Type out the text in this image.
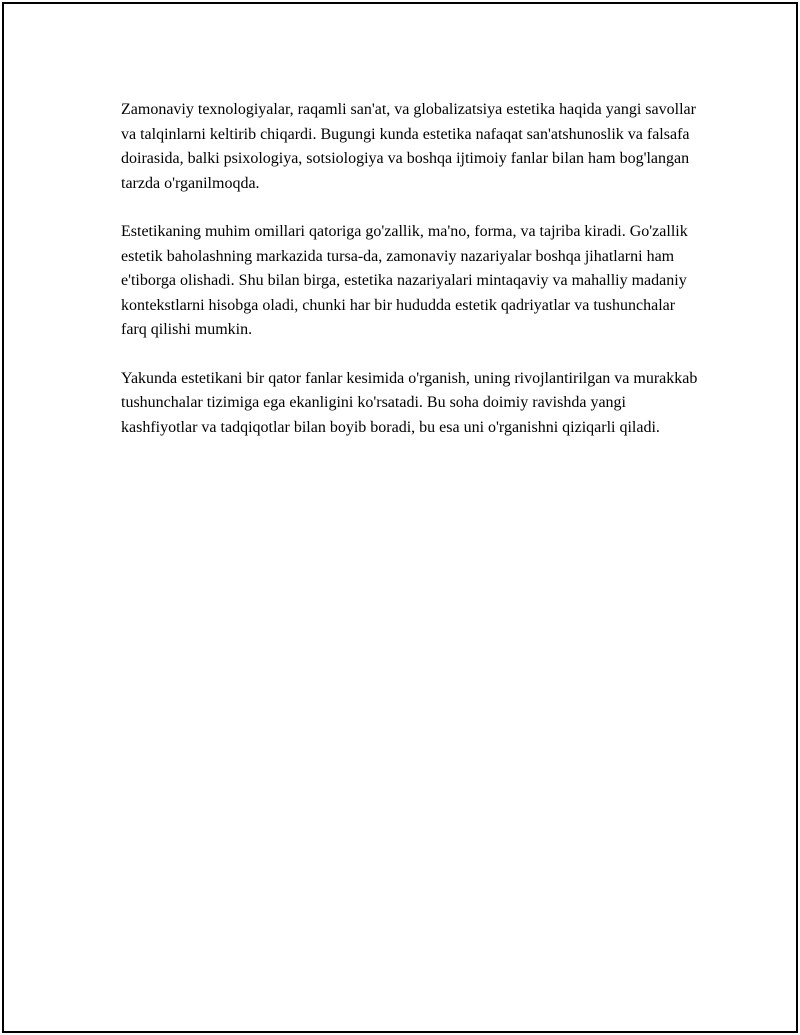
Zamonaviy texnologiyalar, raqamli san'at, va globalizatsiya estetika haqida yangi savollar va talqinlarni keltirib chiqardi. Bugungi kunda estetika nafaqat san'atshunoslik va falsafa doirasida, balki psixologiya, sotsiologiya va boshqa ijtimoiy fanlar bilan ham bog'langan tarzda o'rganilmoqda.

Estetikaning muhim omillari qatoriga go'zallik, ma'no, forma, va tajriba kiradi. Go'zallik estetik baholashning markazida tursa-da, zamonaviy nazariyalar boshqa jihatlarni ham e'tiborga olishadi. Shu bilan birga, estetika nazariyalari mintaqaviy va mahalliy madaniy kontekstlarni hisobga oladi, chunki har bir hududda estetik qadriyatlar va tushunchalar farq qilishi mumkin.

Yakunda estetikani bir qator fanlar kesimida o'rganish, uning rivojlantirilgan va murakkab tushunchalar tizimiga ega ekanligini ko'rsatadi. Bu soha doimiy ravishda yangi kashfiyotlar va tadqiqotlar bilan boyib boradi, bu esa uni o'rganishni qiziqarli qiladi.
